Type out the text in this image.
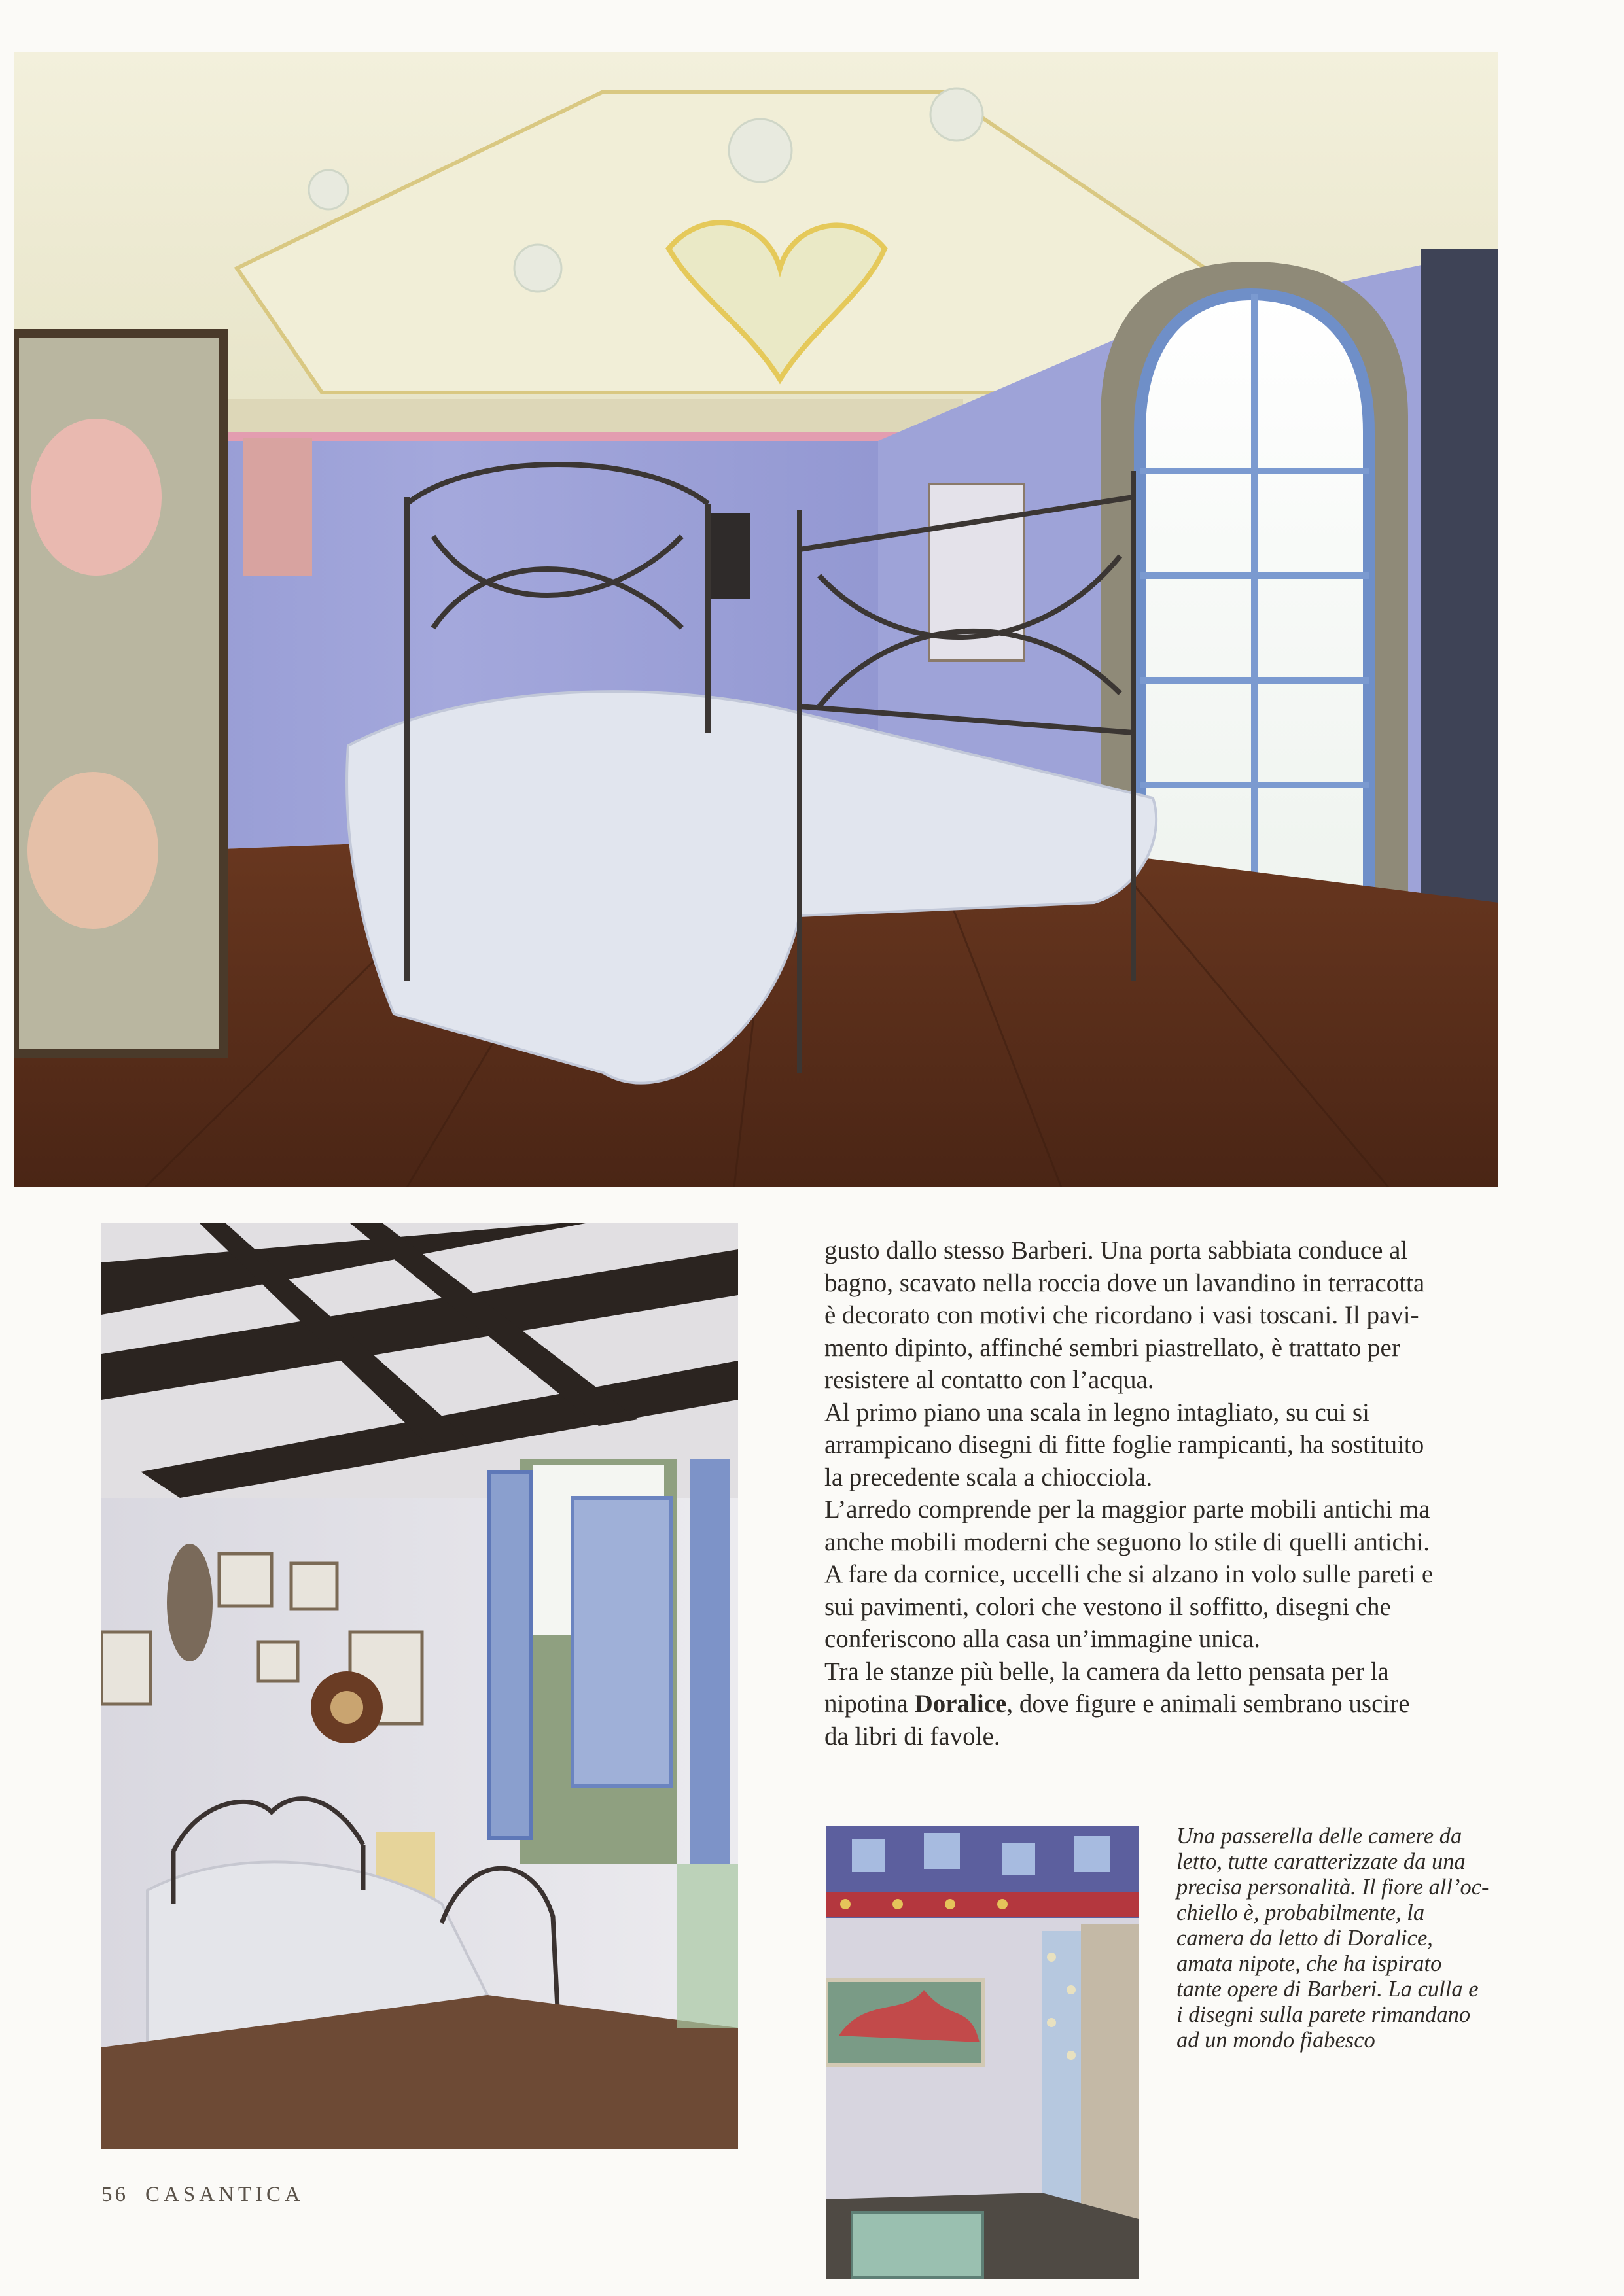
gusto dallo stesso Barberi. Una porta sabbiata conduce al

bagno, scavato nella roccia dove un lavandino in terracotta

è decorato con motivi che ricordano i vasi toscani. Il pavi-

mento dipinto, affinché sembri piastrellato, è trattato per

resistere al contatto con l’acqua.

Al primo piano una scala in legno intagliato, su cui si

arrampicano disegni di fitte foglie rampicanti, ha sostituito

la precedente scala a chiocciola.

L’arredo comprende per la maggior parte mobili antichi ma

anche mobili moderni che seguono lo stile di quelli antichi.

A fare da cornice, uccelli che si alzano in volo sulle pareti e

sui pavimenti, colori che vestono il soffitto, disegni che

conferiscono alla casa un’immagine unica.

Tra le stanze più belle, la camera da letto pensata per la

nipotina Doralice, dove figure e animali sembrano uscire

da libri di favole.

Una passerella delle camere da

letto, tutte caratterizzate da una

precisa personalità. Il fiore all’oc-

chiello è, probabilmente, la

camera da letto di Doralice,

amata nipote, che ha ispirato

tante opere di Barberi. La culla e

i disegni sulla parete rimandano

ad un mondo fiabesco

56 CASANTICA
